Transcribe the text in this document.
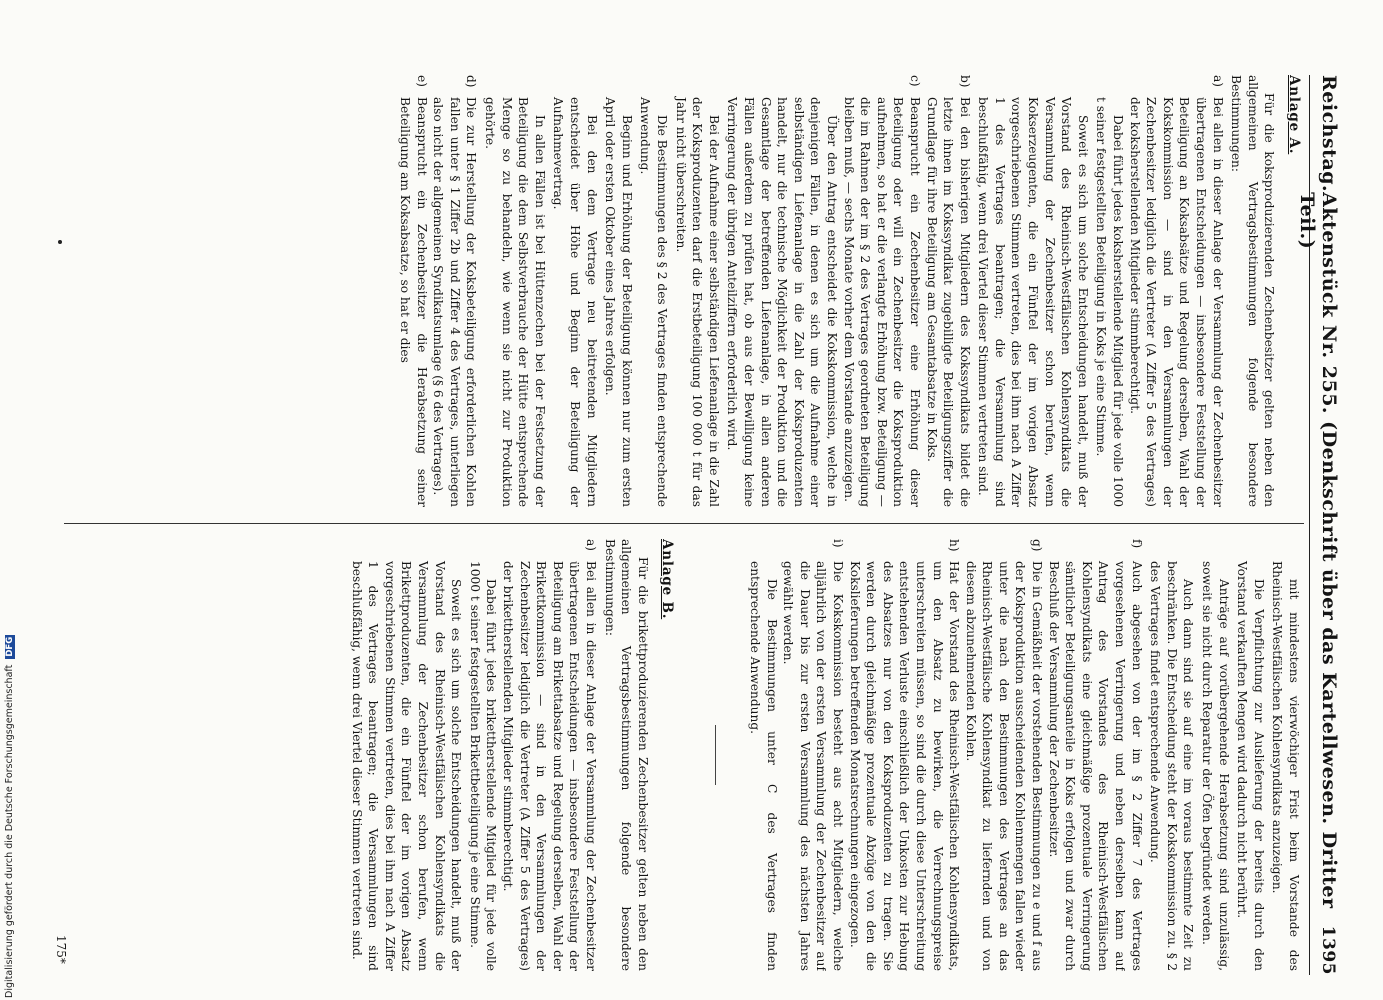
Reichstag.
Aktenstück Nr. 255. (Denkschrift über das Kartellwesen. Dritter Teil.)
1395
Anlage A.
Für die koksproduzierenden Zechenbesitzer gelten neben den allgemeinen Vertragsbestimmungen folgende besondere Bestimmungen:
a)
Bei allen in dieser Anlage der Versammlung der Zechenbesitzer übertragenen Entscheidungen — insbesondere Feststellung der Beteiligung an Koksabsätze und Regelung derselben, Wahl der Kokskommission — sind in den Versammlungen der Zechenbesitzer lediglich die Vertreter (A Ziffer 5 des Vertrages) der koksherstellenden Mitglieder stimmberechtigt.
Dabei führt jedes koksherstellende Mitglied für jede volle 1000 t seiner festgestellten Beteiligung in Koks je eine Stimme.
Soweit es sich um solche Entscheidungen handelt, muß der Vorstand des Rheinisch-Westfälischen Kohlensyndikats die Versammlung der Zechenbesitzer schon berufen, wenn Kokserzeugenten, die ein Fünftel der im vorigen Absatz vorgeschriebenen Stimmen vertreten, dies bei ihm nach A Ziffer 1 des Vertrages beantragen; die Versammlung sind beschlußfähig, wenn drei Viertel dieser Stimmen vertreten sind.
b)
Bei den bisherigen Mitgliedern des Kokssyndikats bildet die letzte ihnen im Kokssyndikat zugebilligte Beteiligungsziffer die Grundlage für ihre Beteiligung am Gesamtabsatze in Koks.
c)
Beansprucht ein Zechenbesitzer eine Erhöhung dieser Beteiligung oder will ein Zechenbesitzer die Koksproduktion aufnehmen, so hat er die verlangte Erhöhung bzw. Beteiligung — die im Rahmen der im § 2 des Vertrages geordneten Beteiligung bleiben muß, — sechs Monate vorher dem Vorstande anzuzeigen.
Über den Antrag entscheidet die Kokskommission, welche in denjenigen Fällen, in denen es sich um die Aufnahme einer selbständigen Liefenanlage in die Zahl der Koksproduzenten handelt, nur die technische Möglichkeit der Produktion und die Gesamtlage der betreffenden Liefenanlage, in allen anderen Fällen außerdem zu prüfen hat, ob aus der Bewilligung keine Verringerung der übrigen Anteilziffern erforderlich wird.
Bei der Aufnahme einer selbständigen Liefenanlage in die Zahl der Koksproduzenten darf die Erstbeteiligung 100 000 t für das Jahr nicht überschreiten.
Die Bestimmungen des § 2 des Vertrages finden entsprechende Anwendung.
Beginn und Erhöhung der Beteiligung können nur zum ersten April oder ersten Oktober eines Jahres erfolgen.
Bei den dem Vertrage neu beitretenden Mitgliedern entscheidet über Höhe und Beginn der Beteiligung der Aufnahmevertrag.
In allen Fällen ist bei Hüttenzechen bei der Festsetzung der Beteiligung die dem Selbstverbrauche der Hütte entsprechende Menge so zu behandeln, wie wenn sie nicht zur Produktion gehörte.
d)
Die zur Herstellung der Koksbeteiligung erforderlichen Kohlen fallen unter § 1 Ziffer 2b und Ziffer 4 des Vertrages, unterliegen also nicht der allgemeinen Syndikatsumlage (§ 6 des Vertrages).
e)
Beansprucht ein Zechenbesitzer die Herabsetzung seiner Beteiligung am Koksabsatze, so hat er dies
mit mindestens vierwöchiger Frist beim Vorstande des Rheinisch-Westfälischen Kohlensyndikats anzuzeigen.
Die Verpflichtung zur Auslieferung der bereits durch den Vorstand verkauften Mengen wird dadurch nicht berührt.
Anträge auf vorübergehende Herabsetzung sind unzulässig, soweit sie nicht durch Reparatur der Öfen begründet werden.
Auch dann sind sie auf eine im voraus bestimmte Zeit zu beschränken. Die Entscheidung steht der Kokskommission zu. § 2 des Vertrages findet entsprechende Anwendung.
f)
Auch abgesehen von der im § 2 Ziffer 7 des Vertrages vorgesehenen Verringerung und neben derselben kann auf Antrag des Vorstandes des Rheinisch-Westfälischen Kohlensyndikats eine gleichmäßige prozentuale Verringerung sämtlicher Beteiligungsanteile in Koks erfolgen und zwar durch Beschluß der Versammlung der Zechenbesitzer.
g)
Die in Gemäßheit der vorstehenden Bestimmungen zu e und f aus der Koksproduktion ausscheidenden Kohlenmengen fallen wieder unter die nach den Bestimmungen des Vertrages an das Rheinisch-Westfälische Kohlensyndikat zu liefernden und von diesem abzunehmenden Kohlen.
h)
Hat der Vorstand des Rheinisch-Westfälischen Kohlensyndikats, um den Absatz zu bewirken, die Verrechnungspreise unterschreiten müssen, so sind die durch diese Unterschreitung entstehenden Verluste einschließlich der Unkosten zur Hebung des Absatzes nur von den Koksproduzenten zu tragen. Sie werden durch gleichmäßige prozentuale Abzüge von den die Kokslieferungen betreffenden Monatsrechnungen eingezogen.
i)
Die Kokskommission besteht aus acht Mitgliedern, welche alljährlich von der ersten Versammlung der Zechenbesitzer auf die Dauer bis zur ersten Versammlung des nächsten Jahres gewählt werden.
Die Bestimmungen unter C des Vertrages finden entsprechende Anwendung.
Anlage B.
Für die brikettproduzierenden Zechenbesitzer gelten neben den allgemeinen Vertragsbestimmungen folgende besondere Bestimmungen:
a)
Bei allen in dieser Anlage der Versammlung der Zechenbesitzer übertragenen Entscheidungen — insbesondere Feststellung der Beteiligung am Brikettabsatze und Regelung derselben, Wahl der Brikettkommission — sind in den Versammlungen der Zechenbesitzer lediglich die Vertreter (A Ziffer 5 des Vertrages) der brikettherstellenden Mitglieder stimmberechtigt.
Dabei führt jedes brikettherstellende Mitglied für jede volle 1000 t seiner festgestellten Brikettbeteiligung je eine Stimme.
Soweit es sich um solche Entscheidungen handelt, muß der Vorstand des Rheinisch-Westfälischen Kohlensyndikats die Versammlung der Zechenbesitzer schon berufen, wenn Brikettproduzenten, die ein Fünftel der im vorigen Absatz vorgeschriebenen Stimmen vertreten, dies bei ihm nach A Ziffer 1 des Vertrages beantragen; die Versammlungen sind beschlußfähig, wenn drei Viertel dieser Stimmen vertreten sind.
175*
Digitalisierung gefördert durch die Deutsche Forschungsgemeinschaft DFG
